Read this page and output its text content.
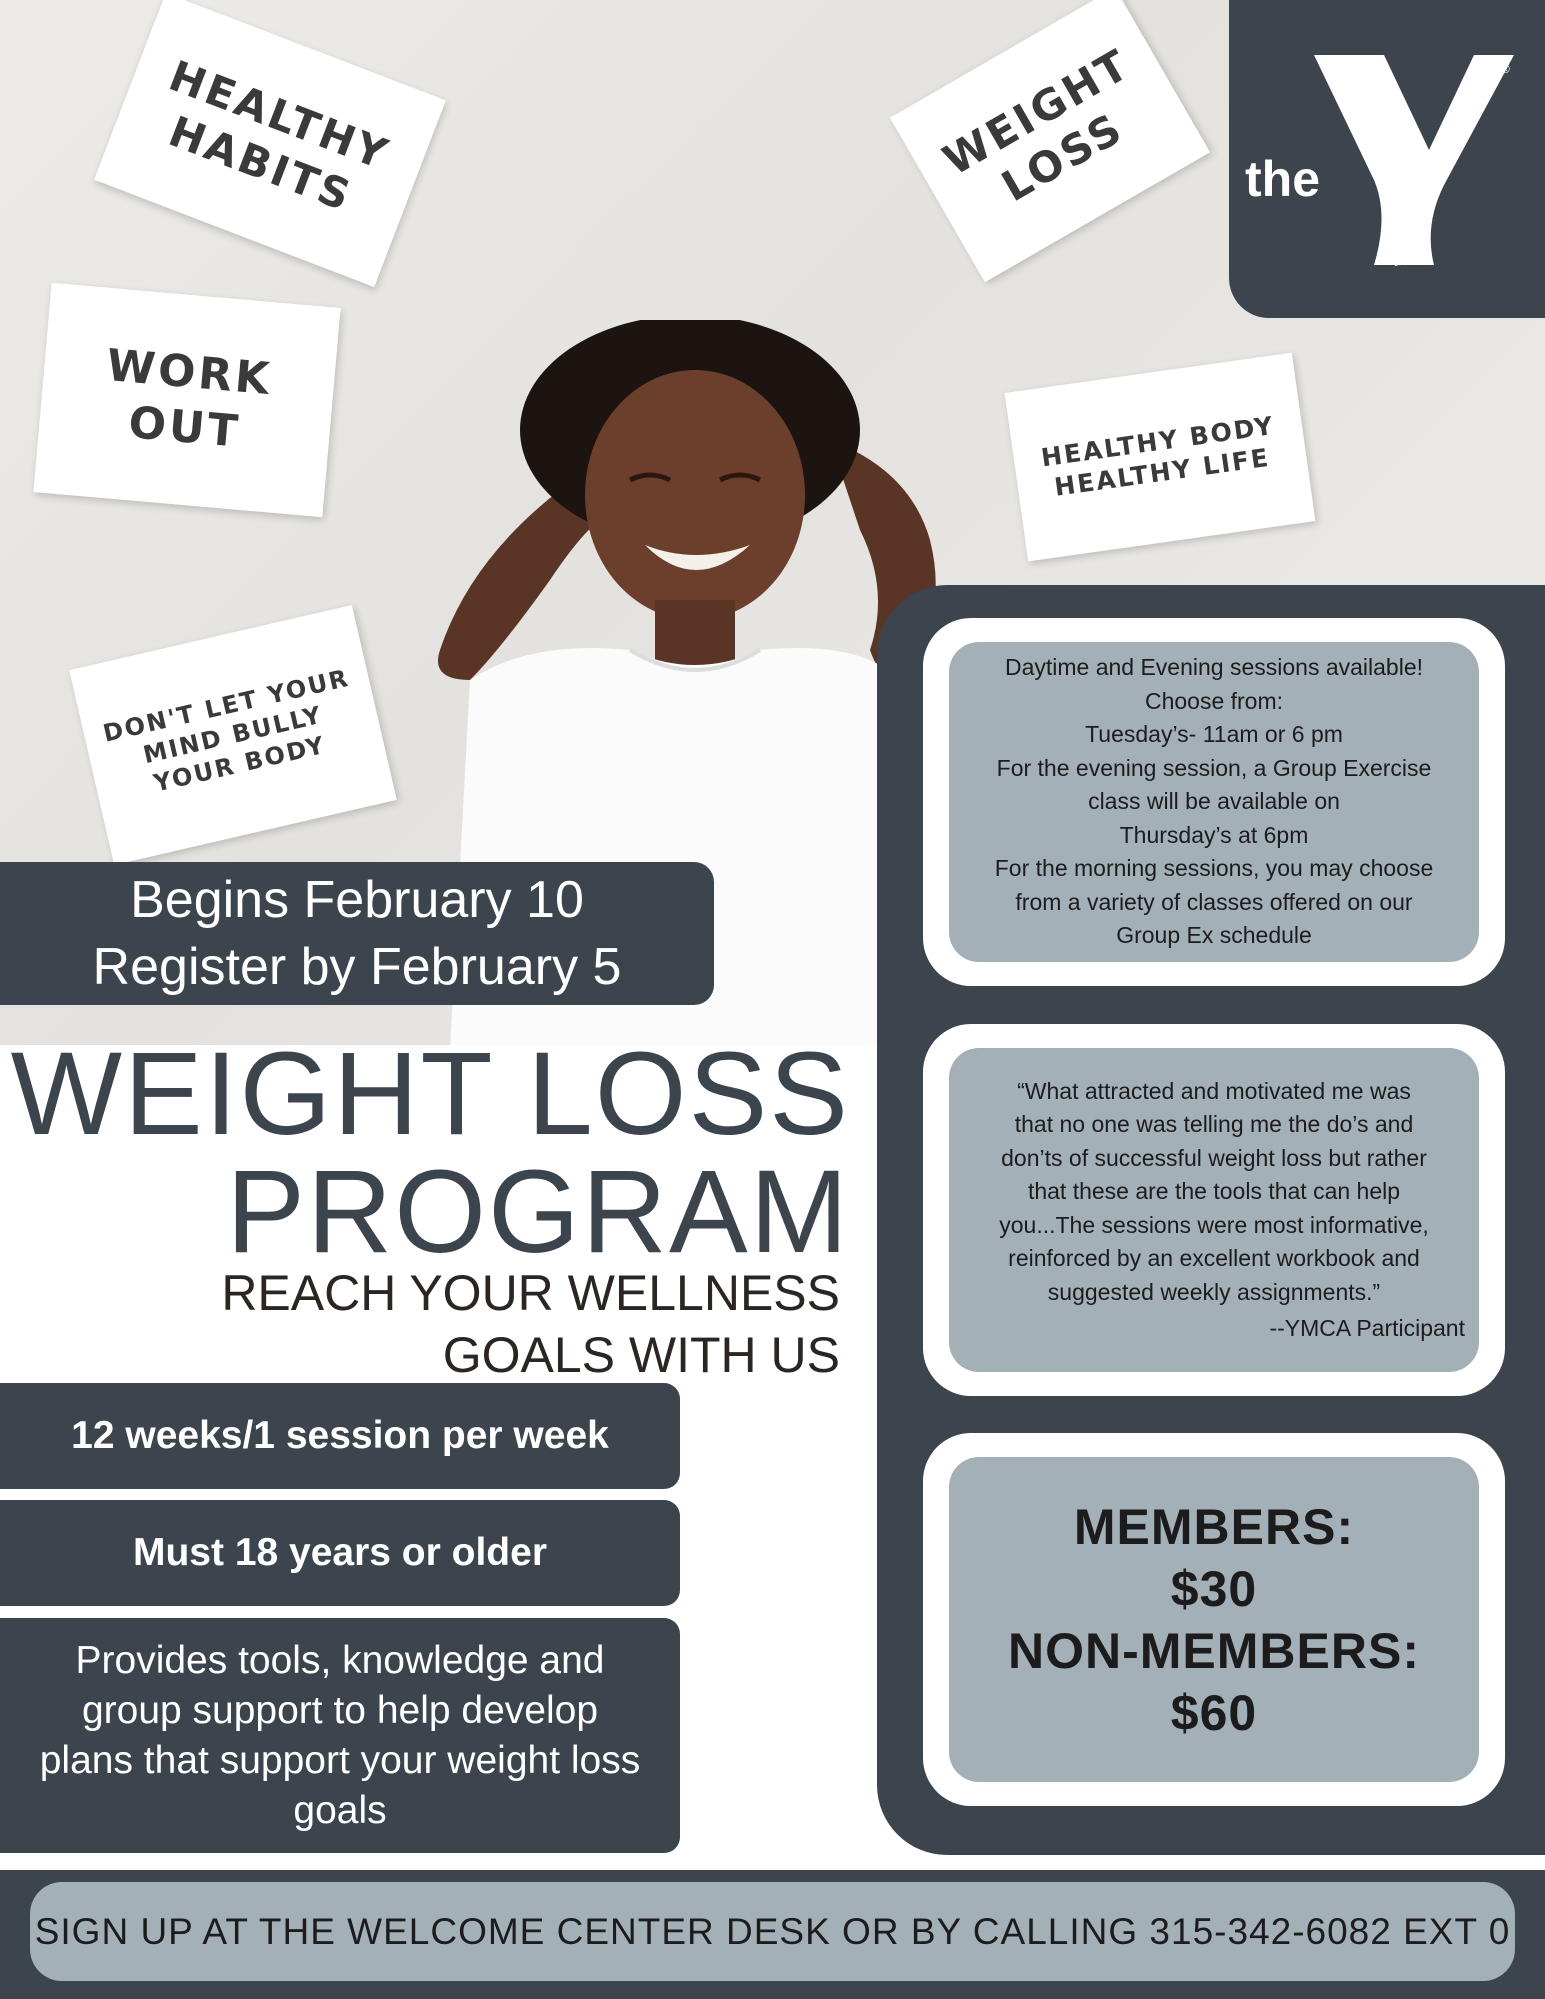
HEALTHY
HABITS
WORK
OUT
WEIGHT
LOSS
HEALTHY BODY
HEALTHY LIFE
DON'T LET YOUR
MIND BULLY
YOUR BODY
the
YMCA
®
Daytime and Evening sessions available!
Choose from:
Tuesday’s- 11am or 6 pm
For the evening session, a Group Exercise
class will be available on
Thursday’s at 6pm
For the morning sessions, you may choose
from a variety of classes offered on our
Group Ex schedule
“What attracted and motivated me was
that no one was telling me the do’s and
don’ts of successful weight loss but rather
that these are the tools that can help
you...The sessions were most informative,
reinforced by an excellent workbook and
suggested weekly assignments.”
--YMCA Participant
MEMBERS:
$30
NON-MEMBERS:
$60
Begins February 10
Register by February 5
WEIGHT LOSS
PROGRAM
REACH YOUR WELLNESS
GOALS WITH US
12 weeks/1 session per week
Must 18 years or older
Provides tools, knowledge and group support to help develop plans that support your weight loss goals
SIGN UP AT THE WELCOME CENTER DESK OR BY CALLING 315-342-6082 EXT 0
